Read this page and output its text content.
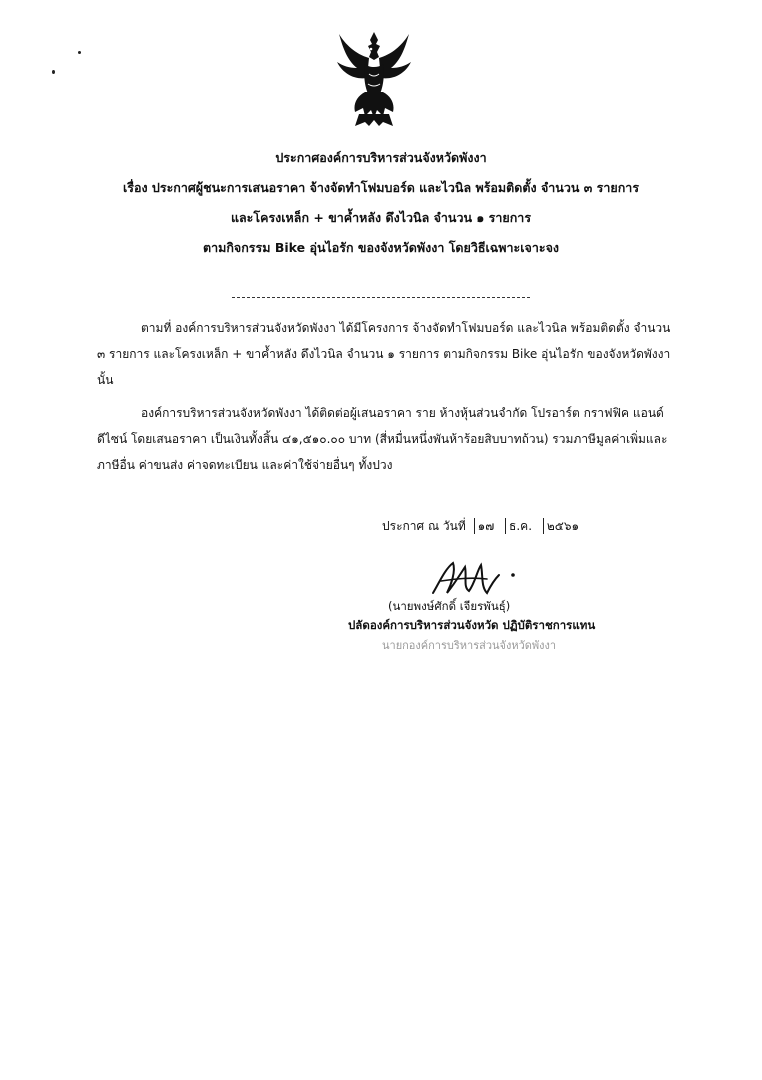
ประกาศองค์การบริหารส่วนจังหวัดพังงา
เรื่อง ประกาศผู้ชนะการเสนอราคา จ้างจัดทำโฟมบอร์ด และไวนิล พร้อมติดตั้ง จำนวน ๓ รายการ
และโครงเหล็ก + ขาค้ำหลัง ดึงไวนิล จำนวน ๑ รายการ
ตามกิจกรรม Bike อุ่นไอรัก ของจังหวัดพังงา โดยวิธีเฉพาะเจาะจง
ตามที่ องค์การบริหารส่วนจังหวัดพังงา ได้มีโครงการ จ้างจัดทำโฟมบอร์ด และไวนิล พร้อมติดตั้ง จำนวน
๓ รายการ และโครงเหล็ก + ขาค้ำหลัง ดึงไวนิล จำนวน ๑ รายการ ตามกิจกรรม Bike อุ่นไอรัก ของจังหวัดพังงา
นั้น
องค์การบริหารส่วนจังหวัดพังงา ได้ติดต่อผู้เสนอราคา ราย ห้างหุ้นส่วนจำกัด โปรอาร์ต กราฟฟิค แอนด์
ดีไซน์ โดยเสนอราคา เป็นเงินทั้งสิ้น ๔๑,๕๑๐.๐๐ บาท (สี่หมื่นหนึ่งพันห้าร้อยสิบบาทถ้วน) รวมภาษีมูลค่าเพิ่มและ
ภาษีอื่น ค่าขนส่ง ค่าจดทะเบียน และค่าใช้จ่ายอื่นๆ ทั้งปวง
ประกาศ ณ วันที่ ๑๗ ธ.ค. ๒๕๖๑
(นายพงษ์ศักดิ์ เจียรพันธุ์)
ปลัดองค์การบริหารส่วนจังหวัด ปฏิบัติราชการแทน
นายกองค์การบริหารส่วนจังหวัดพังงา
